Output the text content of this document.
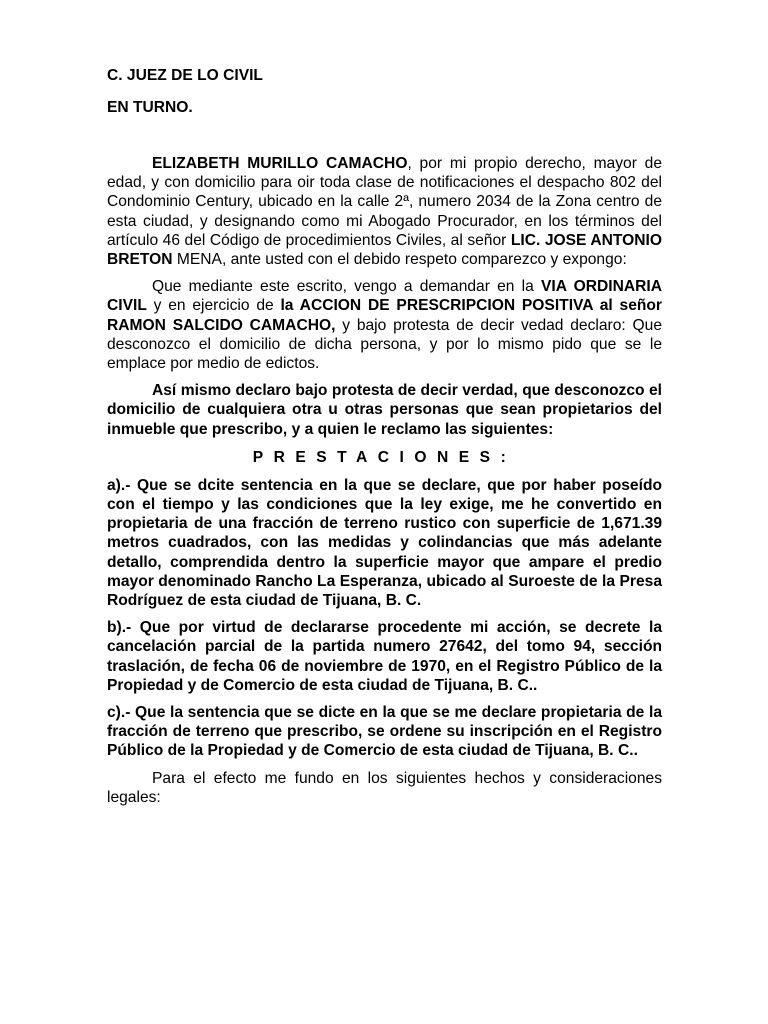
C. JUEZ DE LO CIVIL

EN TURNO.

ELIZABETH MURILLO CAMACHO, por mi propio derecho, mayor de edad, y con domicilio para oir toda clase de notificaciones el despacho 802 del Condominio Century, ubicado en la calle 2ª, numero 2034 de la Zona centro de esta ciudad, y designando como mi Abogado Procurador, en los términos del artículo 46 del Código de procedimientos Civiles, al señor LIC. JOSE ANTONIO BRETON MENA, ante usted con el debido respeto comparezco y expongo:

Que mediante este escrito, vengo a demandar en la VIA ORDINARIA CIVIL y en ejercicio de la ACCION DE PRESCRIPCION POSITIVA al señor RAMON SALCIDO CAMACHO, y bajo protesta de decir vedad declaro: Que desconozco el domicilio de dicha persona, y por lo mismo pido que se le emplace por medio de edictos.

Así mismo declaro bajo protesta de decir verdad, que desconozco el domicilio de cualquiera otra u otras personas que sean propietarios del inmueble que prescribo, y a quien le reclamo las siguientes:

PRESTACIONES:

a).- Que se dcite sentencia en la que se declare, que por haber poseído con el tiempo y las condiciones que la ley exige, me he convertido en propietaria de una fracción de terreno rustico con superficie de 1,671.39 metros cuadrados, con las medidas y colindancias que más adelante detallo, comprendida dentro la superficie mayor que ampare el predio mayor denominado Rancho La Esperanza, ubicado al Suroeste de la Presa Rodríguez de esta ciudad de Tijuana, B. C.

b).- Que por virtud de declararse procedente mi acción, se decrete la cancelación parcial de la partida numero 27642, del tomo 94, sección traslación, de fecha 06 de noviembre de 1970, en el Registro Público de la Propiedad y de Comercio de esta ciudad de Tijuana, B. C..

c).- Que la sentencia que se dicte en la que se me declare propietaria de la fracción de terreno que prescribo, se ordene su inscripción en el Registro Público de la Propiedad y de Comercio de esta ciudad de Tijuana, B. C..

Para el efecto me fundo en los siguientes hechos y consideraciones legales:
